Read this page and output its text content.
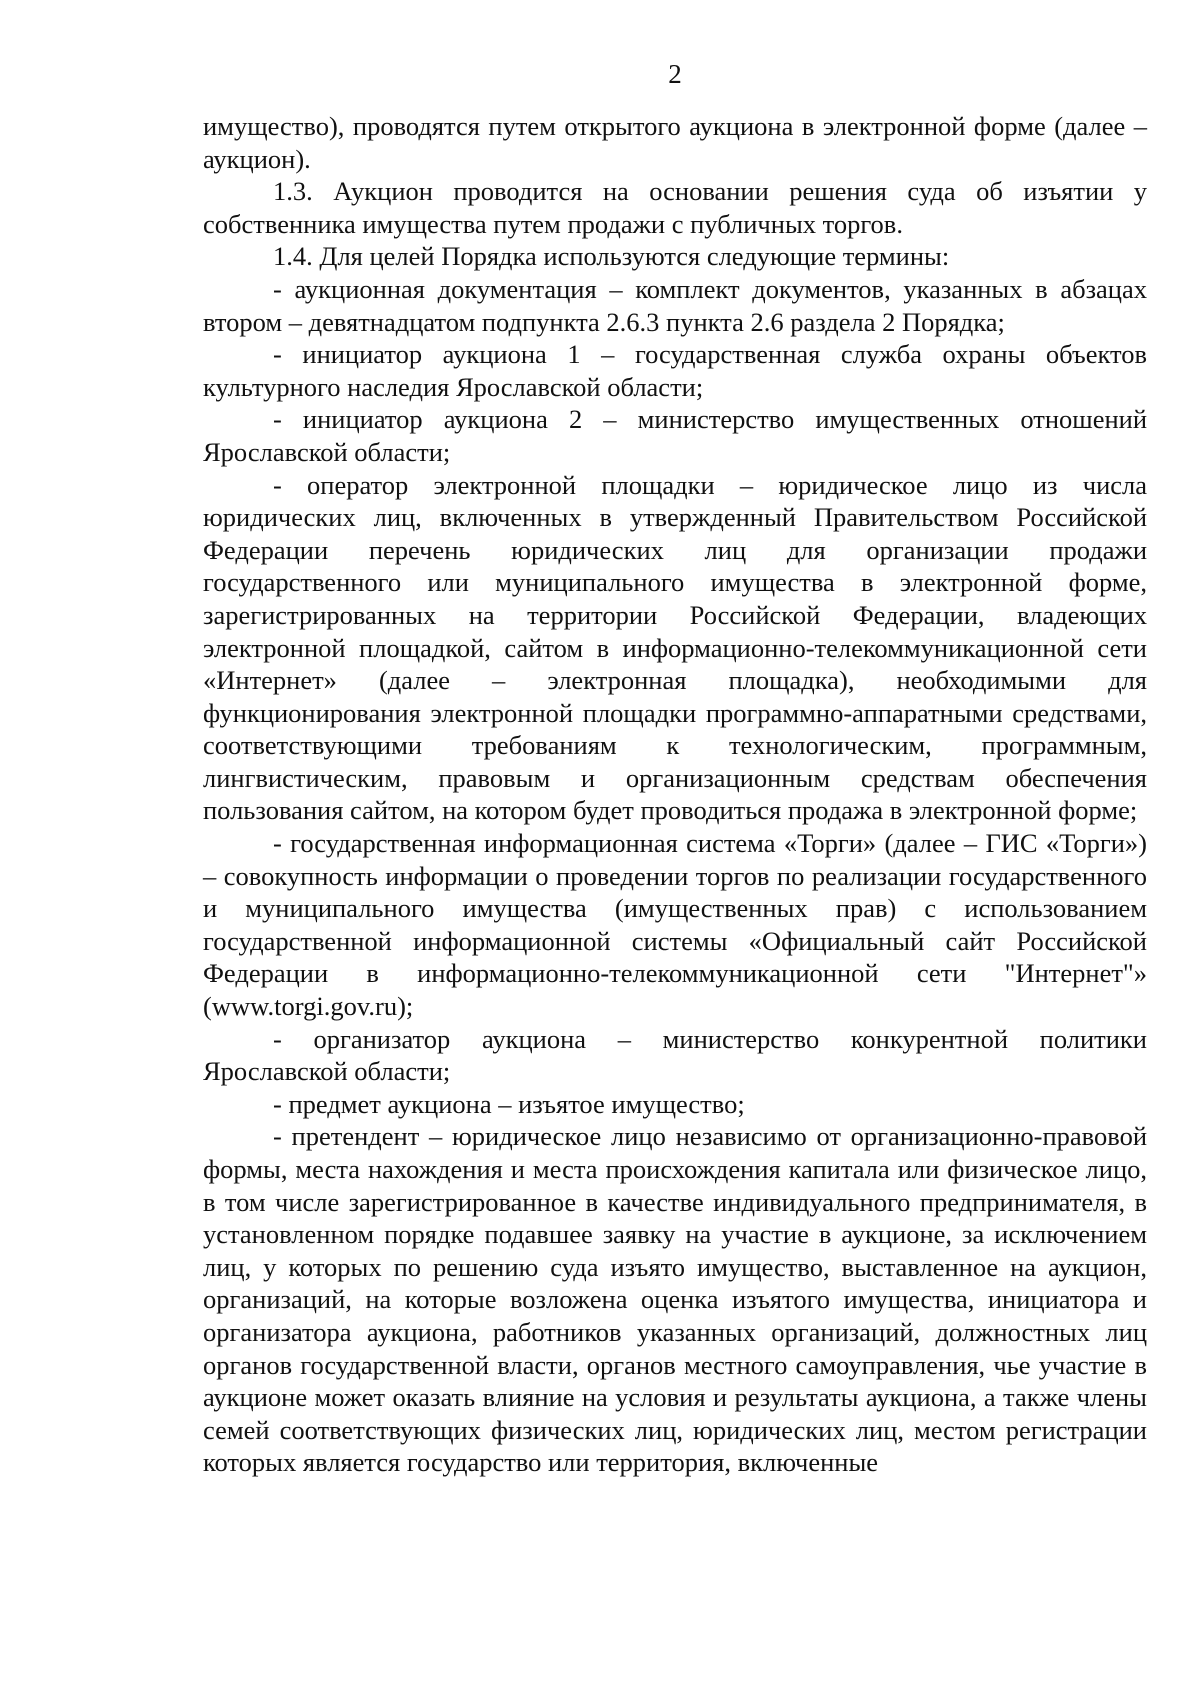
2

имущество), проводятся путем открытого аукциона в электронной форме (далее – аукцион).

1.3. Аукцион проводится на основании решения суда об изъятии у собственника имущества путем продажи с публичных торгов.

1.4. Для целей Порядка используются следующие термины:

- аукционная документация – комплект документов, указанных в абзацах втором – девятнадцатом подпункта 2.6.3 пункта 2.6 раздела 2 Порядка;

- инициатор аукциона 1 – государственная служба охраны объектов культурного наследия Ярославской области;

- инициатор аукциона 2 – министерство имущественных отношений Ярославской области;

- оператор электронной площадки – юридическое лицо из числа юридических лиц, включенных в утвержденный Правительством Российской Федерации перечень юридических лиц для организации продажи государственного или муниципального имущества в электронной форме, зарегистрированных на территории Российской Федерации, владеющих электронной площадкой, сайтом в информационно-телекоммуникационной сети «Интернет» (далее – электронная площадка), необходимыми для функционирования электронной площадки программно-аппаратными средствами, соответствующими требованиям к технологическим, программным, лингвистическим, правовым и организационным средствам обеспечения пользования сайтом, на котором будет проводиться продажа в электронной форме;

- государственная информационная система «Торги» (далее – ГИС «Торги») – совокупность информации о проведении торгов по реализации государственного и муниципального имущества (имущественных прав) с использованием государственной информационной системы «Официальный сайт Российской Федерации в информационно-телекоммуникационной сети "Интернет"» (www.torgi.gov.ru);

- организатор аукциона – министерство конкурентной политики Ярославской области;

- предмет аукциона – изъятое имущество;

- претендент – юридическое лицо независимо от организационно-правовой формы, места нахождения и места происхождения капитала или физическое лицо, в том числе зарегистрированное в качестве индивидуального предпринимателя, в установленном порядке подавшее заявку на участие в аукционе, за исключением лиц, у которых по решению суда изъято имущество, выставленное на аукцион, организаций, на которые возложена оценка изъятого имущества, инициатора и организатора аукциона, работников указанных организаций, должностных лиц органов государственной власти, органов местного самоуправления, чье участие в аукционе может оказать влияние на условия и результаты аукциона, а также члены семей соответствующих физических лиц, юридических лиц, местом регистрации которых является государство или территория, включенные
